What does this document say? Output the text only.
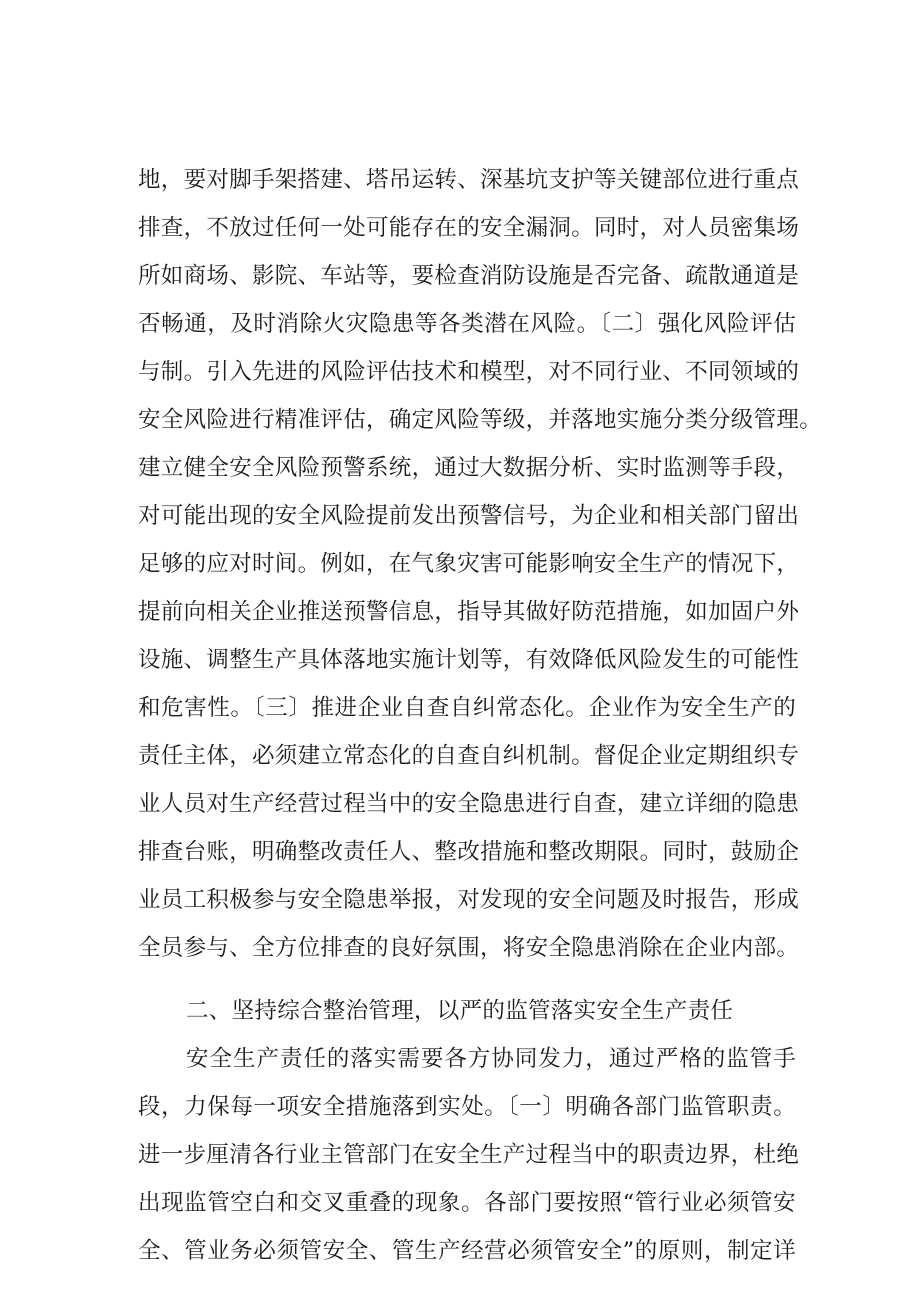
地，要对脚手架搭建、塔吊运转、深基坑支护等关键部位进行重点
排查，不放过任何一处可能存在的安全漏洞。同时，对人员密集场
所如商场、影院、车站等，要检查消防设施是否完备、疏散通道是
否畅通，及时消除火灾隐患等各类潜在风险。〔二〕强化风险评估
与制。引入先进的风险评估技术和模型，对不同行业、不同领域的
安全风险进行精准评估，确定风险等级，并落地实施分类分级管理。
建立健全安全风险预警系统，通过大数据分析、实时监测等手段，
对可能出现的安全风险提前发出预警信号，为企业和相关部门留出
足够的应对时间。例如，在气象灾害可能影响安全生产的情况下，
提前向相关企业推送预警信息，指导其做好防范措施，如加固户外
设施、调整生产具体落地实施计划等，有效降低风险发生的可能性
和危害性。〔三〕推进企业自查自纠常态化。企业作为安全生产的
责任主体，必须建立常态化的自查自纠机制。督促企业定期组织专
业人员对生产经营过程当中的安全隐患进行自查，建立详细的隐患
排查台账，明确整改责任人、整改措施和整改期限。同时，鼓励企
业员工积极参与安全隐患举报，对发现的安全问题及时报告，形成
全员参与、全方位排查的良好氛围，将安全隐患消除在企业内部。
二、坚持综合整治管理，以严的监管落实安全生产责任
安全生产责任的落实需要各方协同发力，通过严格的监管手
段，力保每一项安全措施落到实处。〔一〕明确各部门监管职责。
进一步厘清各行业主管部门在安全生产过程当中的职责边界，杜绝
出现监管空白和交叉重叠的现象。各部门要按照“管行业必须管安
全、管业务必须管安全、管生产经营必须管安全”的原则，制定详
